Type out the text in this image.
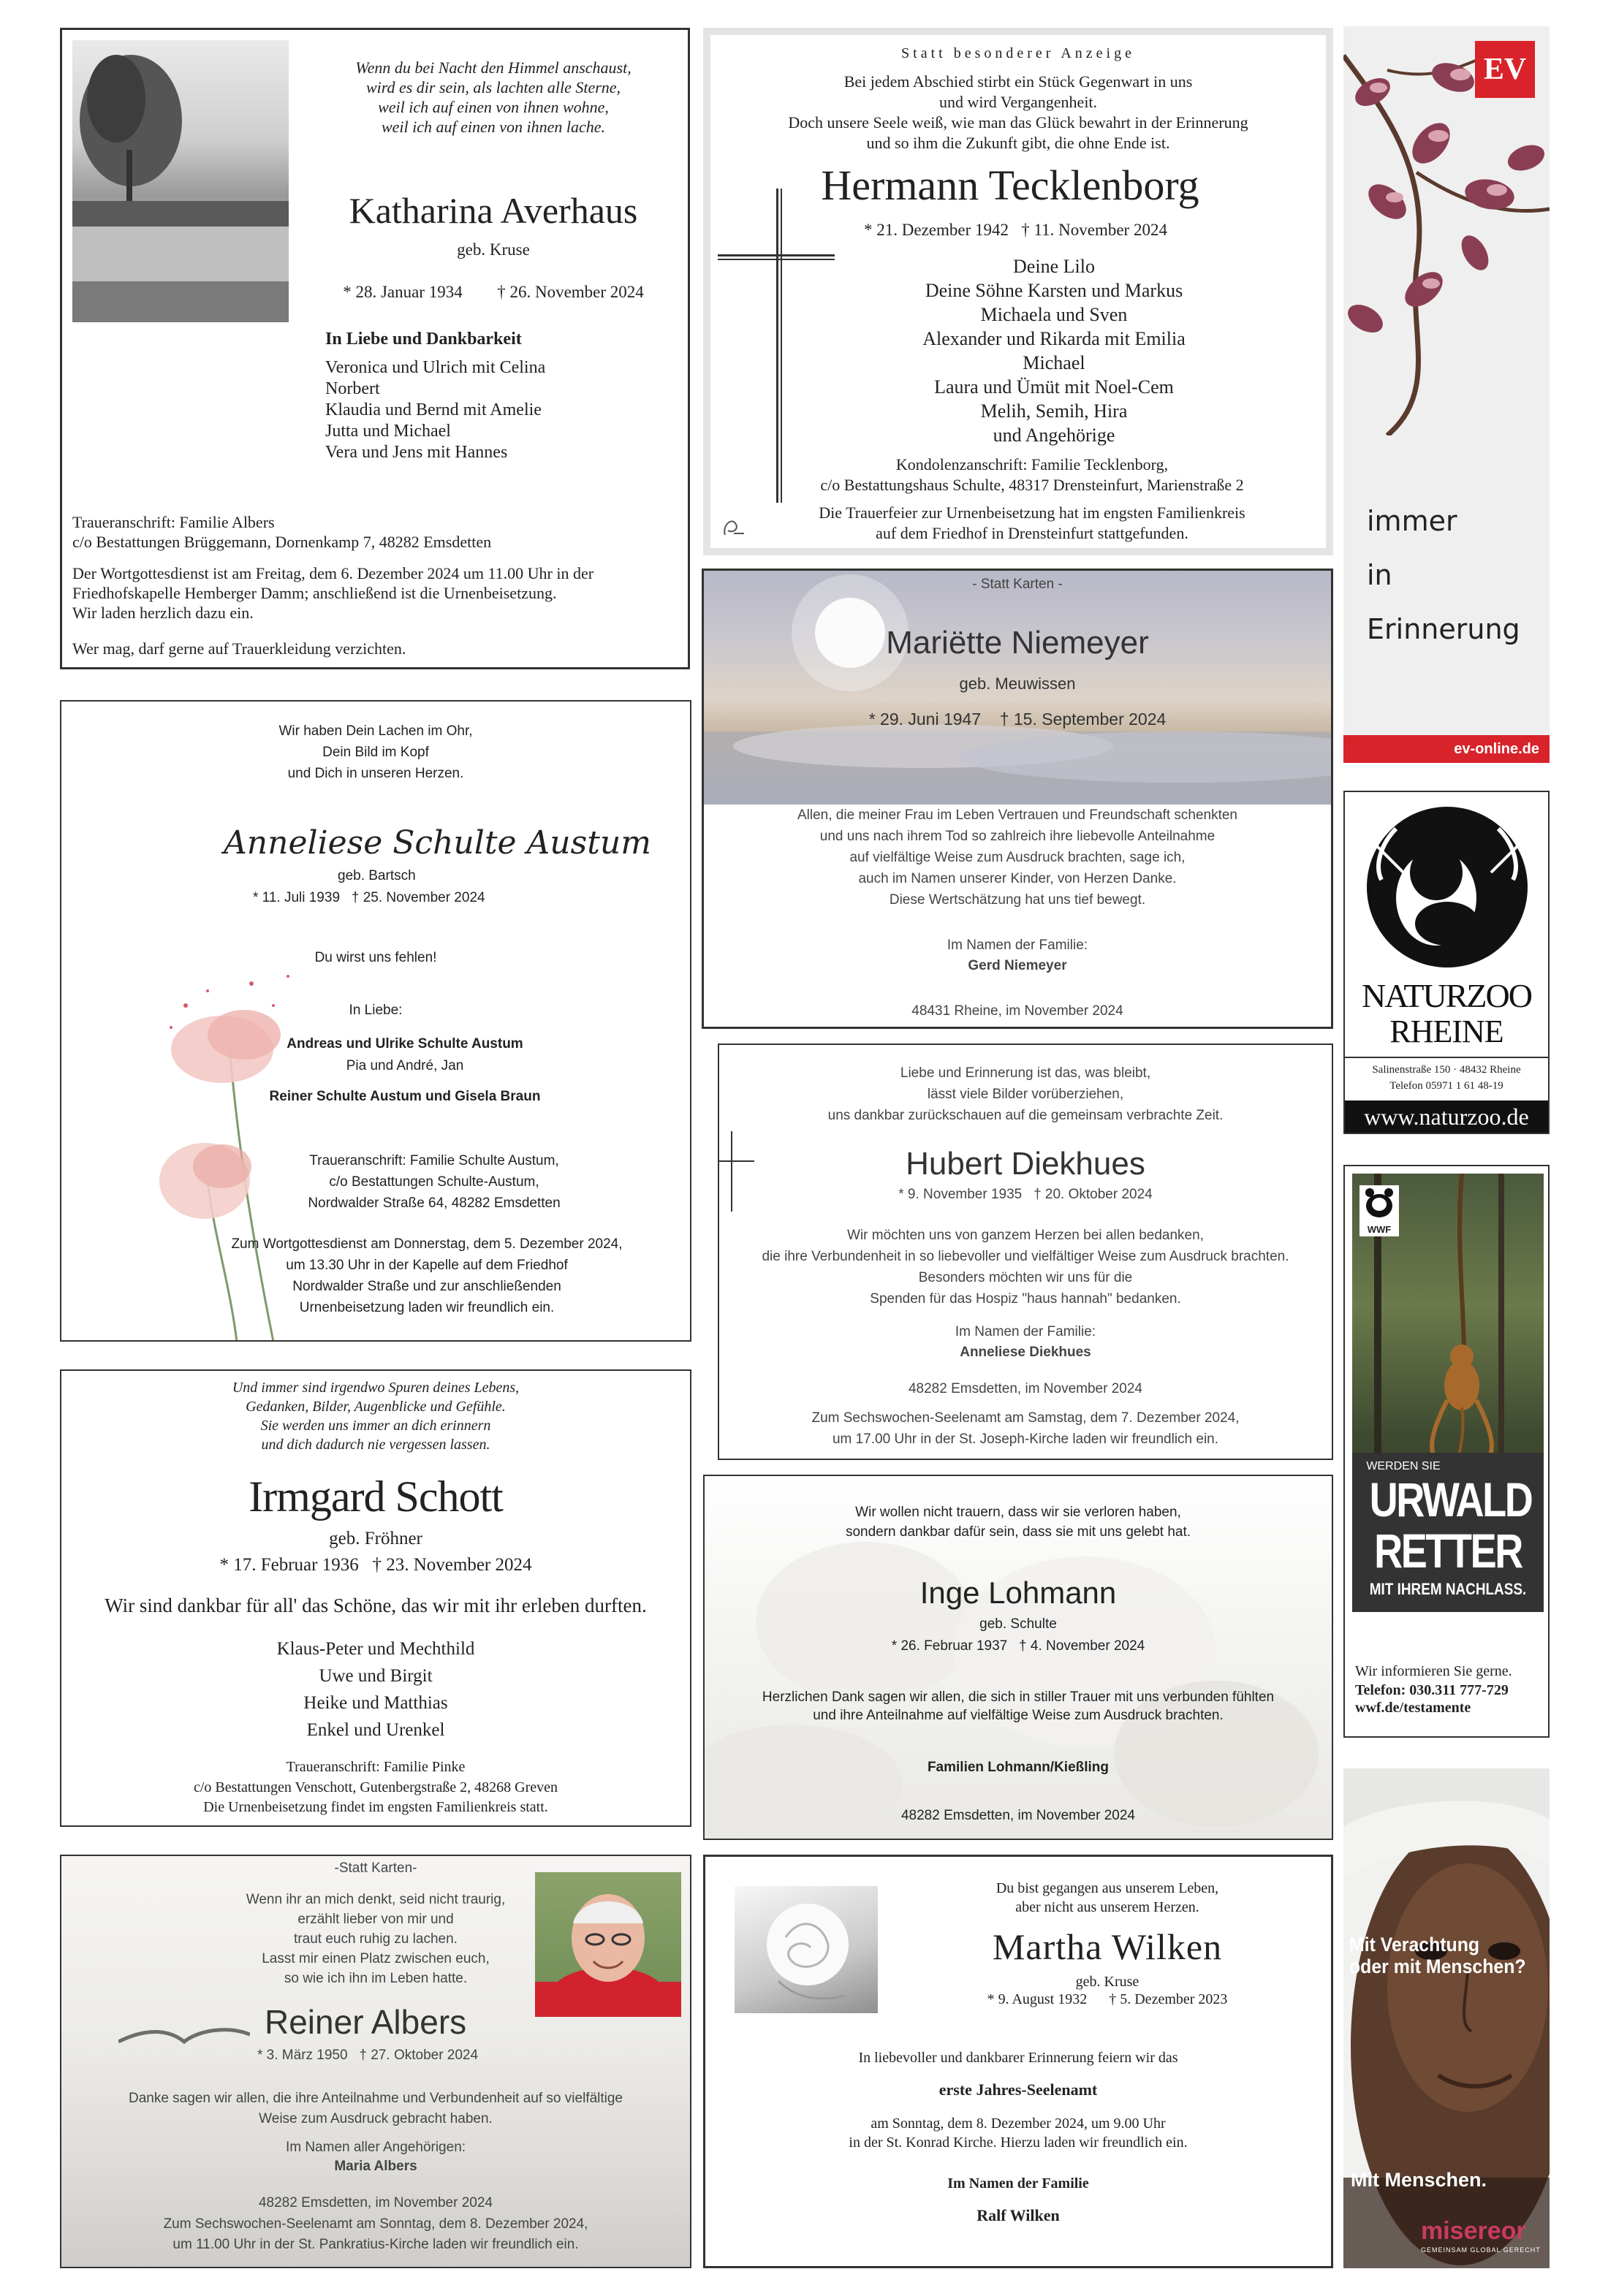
Wenn du bei Nacht den Himmel anschaust,
wird es dir sein, als lachten alle Sterne,
weil ich auf einen von ihnen wohne,
weil ich auf einen von ihnen lache.
Katharina Averhaus
geb. Kruse
* 28. Januar 1934 † 26. November 2024
In Liebe und Dankbarkeit
Veronica und Ulrich mit Celina
Norbert
Klaudia und Bernd mit Amelie
Jutta und Michael
Vera und Jens mit Hannes
Traueranschrift: Familie Albers
c/o Bestattungen Brüggemann, Dornenkamp 7, 48282 Emsdetten
Der Wortgottesdienst ist am Freitag, dem 6. Dezember 2024 um 11.00 Uhr in der
Friedhofskapelle Hemberger Damm; anschließend ist die Urnenbeisetzung.
Wir laden herzlich dazu ein.
Wer mag, darf gerne auf Trauerkleidung verzichten.
Statt besonderer Anzeige
Bei jedem Abschied stirbt ein Stück Gegenwart in uns
und wird Vergangenheit.
Doch unsere Seele weiß, wie man das Glück bewahrt in der Erinnerung
und so ihm die Zukunft gibt, die ohne Ende ist.
Hermann Tecklenborg
* 21. Dezember 1942   † 11. November 2024
Deine Lilo
Deine Söhne Karsten und Markus
Michaela und Sven
Alexander und Rikarda mit Emilia
Michael
Laura und Ümüt mit Noel-Cem
Melih, Semih, Hira
und Angehörige
Kondolenzanschrift: Familie Tecklenborg,
c/o Bestattungshaus Schulte, 48317 Drensteinfurt, Marienstraße 2
Die Trauerfeier zur Urnenbeisetzung hat im engsten Familienkreis
auf dem Friedhof in Drensteinfurt stattgefunden.
EV
immer
in
Erinnerung
ev-online.de
Wir haben Dein Lachen im Ohr,
Dein Bild im Kopf
und Dich in unseren Herzen.
Anneliese Schulte Austum
geb. Bartsch
* 11. Juli 1939   † 25. November 2024
Du wirst uns fehlen!
In Liebe:
Andreas und Ulrike Schulte Austum
Pia und André, Jan
Reiner Schulte Austum und Gisela Braun
Traueranschrift: Familie Schulte Austum,
c/o Bestattungen Schulte-Austum,
Nordwalder Straße 64, 48282 Emsdetten
Zum Wortgottesdienst am Donnerstag, dem 5. Dezember 2024,
um 13.30 Uhr in der Kapelle auf dem Friedhof
Nordwalder Straße und zur anschließenden
Urnenbeisetzung laden wir freundlich ein.
- Statt Karten -
Mariëtte Niemeyer
geb. Meuwissen
* 29. Juni 1947    † 15. September 2024
Allen, die meiner Frau im Leben Vertrauen und Freundschaft schenkten
und uns nach ihrem Tod so zahlreich ihre liebevolle Anteilnahme
auf vielfältige Weise zum Ausdruck brachten, sage ich,
auch im Namen unserer Kinder, von Herzen Danke.
Diese Wertschätzung hat uns tief bewegt.
Im Namen der Familie:
Gerd Niemeyer
48431 Rheine, im November 2024	NATURZOO
RHEINE
Salinenstraße 150 · 48432 Rheine
Telefon 05971 1 61 48-19
www.naturzoo.de
Liebe und Erinnerung ist das, was bleibt,
lässt viele Bilder vorüberziehen,
uns dankbar zurückschauen auf die gemeinsam verbrachte Zeit.
Hubert Diekhues
* 9. November 1935   † 20. Oktober 2024
Wir möchten uns von ganzem Herzen bei allen bedanken,
die ihre Verbundenheit in so liebevoller und vielfältiger Weise zum Ausdruck brachten.
Besonders möchten wir uns für die
Spenden für das Hospiz "haus hannah" bedanken.
Im Namen der Familie:
Anneliese Diekhues
48282 Emsdetten, im November 2024
Zum Sechswochen-Seelenamt am Samstag, dem 7. Dezember 2024,
um 17.00 Uhr in der St. Joseph-Kirche laden wir freundlich ein.
WWF
WERDEN SIE
URWALD
RETTER
MIT IHREM NACHLASS.
Wir informieren Sie gerne.
Telefon: 030.311 777-729
wwf.de/testamente
Und immer sind irgendwo Spuren deines Lebens,
Gedanken, Bilder, Augenblicke und Gefühle.
Sie werden uns immer an dich erinnern
und dich dadurch nie vergessen lassen.
Irmgard Schott
geb. Fröhner
* 17. Februar 1936   † 23. November 2024
Wir sind dankbar für all' das Schöne, das wir mit ihr erleben durften.
Klaus-Peter und Mechthild
Uwe und Birgit
Heike und Matthias
Enkel und Urenkel
Traueranschrift: Familie Pinke
c/o Bestattungen Venschott, Gutenbergstraße 2, 48268 Greven
Die Urnenbeisetzung findet im engsten Familienkreis statt.
Wir wollen nicht trauern, dass wir sie verloren haben,
sondern dankbar dafür sein, dass sie mit uns gelebt hat.
Inge Lohmann
geb. Schulte
* 26. Februar 1937   † 4. November 2024
Herzlichen Dank sagen wir allen, die sich in stiller Trauer mit uns verbunden fühlten
und ihre Anteilnahme auf vielfältige Weise zum Ausdruck brachten.
Familien Lohmann/Kießling
48282 Emsdetten, im November 2024
-Statt Karten-
Wenn ihr an mich denkt, seid nicht traurig,
erzählt lieber von mir und
traut euch ruhig zu lachen.
Lasst mir einen Platz zwischen euch,
so wie ich ihn im Leben hatte.
Reiner Albers
* 3. März 1950   † 27. Oktober 2024
Danke sagen wir allen, die ihre Anteilnahme und Verbundenheit auf so vielfältige
Weise zum Ausdruck gebracht haben.
Im Namen aller Angehörigen:
Maria Albers
48282 Emsdetten, im November 2024
Zum Sechswochen-Seelenamt am Sonntag, dem 8. Dezember 2024,
um 11.00 Uhr in der St. Pankratius-Kirche laden wir freundlich ein.
Du bist gegangen aus unserem Leben,
aber nicht aus unserem Herzen.
Martha Wilken
geb. Kruse
* 9. August 1932      † 5. Dezember 2023
In liebevoller und dankbarer Erinnerung feiern wir das
erste Jahres-Seelenamt
am Sonntag, dem 8. Dezember 2024, um 9.00 Uhr
in der St. Konrad Kirche. Hierzu laden wir freundlich ein.
Im Namen der Familie
Ralf Wilken
Mit Verachtung
oder mit Menschen?
Mit Menschen.
misereor
GEMEINSAM GLOBAL GERECHT
